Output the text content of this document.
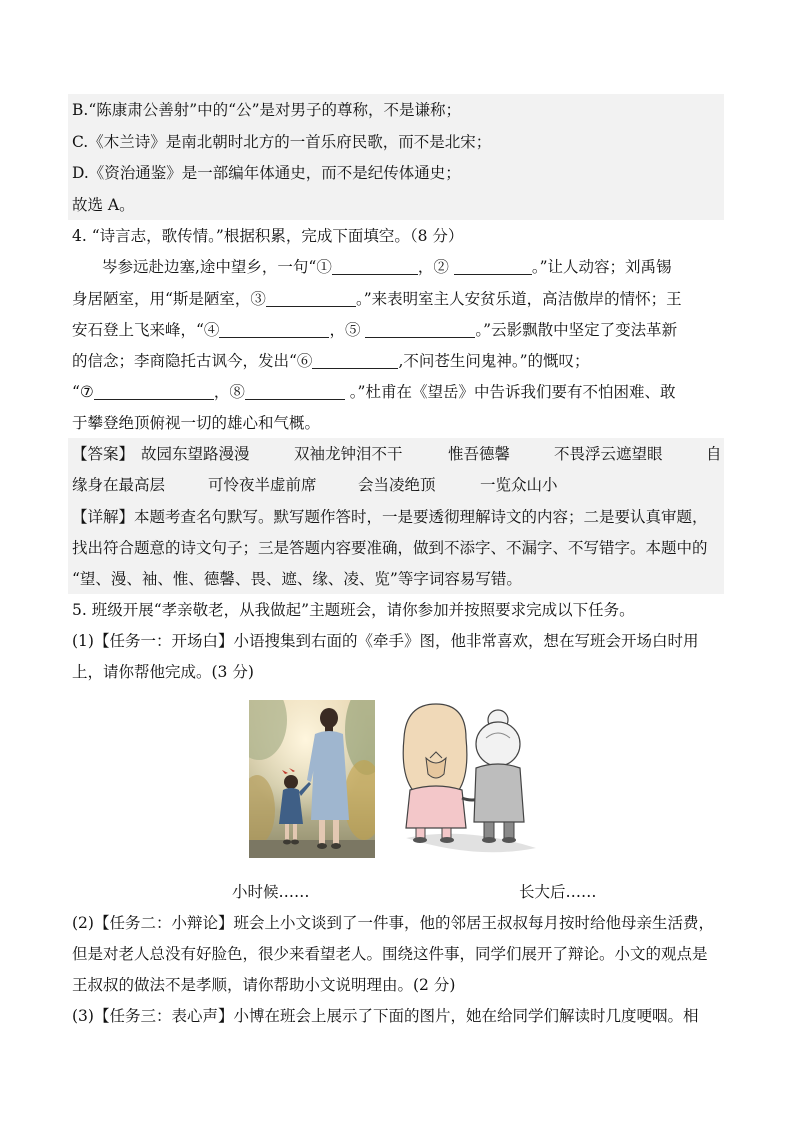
B.“陈康肃公善射”中的“公”是对男子的尊称，不是谦称；
C.《木兰诗》是南北朝时北方的一首乐府民歌，而不是北宋；
D.《资治通鉴》是一部编年体通史，而不是纪传体通史；
故选 A。
4. “诗言志，歌传情。”根据积累，完成下面填空。（8 分）
岑参远赴边塞,途中望乡，一句“①	，②	。”让人动容；刘禹锡
身居陋室，用“斯是陋室，③	。”来表明室主人安贫乐道，高洁傲岸的情怀；王
安石登上飞来峰，“④	，⑤	。”云影飘散中坚定了变法革新
的信念；李商隐托古讽今，发出“⑥	,不问苍生问鬼神。”的慨叹；
“⑦	，⑧	。”杜甫在《望岳》中告诉我们要有不怕困难、敢
于攀登绝顶俯视一切的雄心和气概。
【答案】 故园东望路漫漫	双袖龙钟泪不干	惟吾德馨	不畏浮云遮望眼	自
缘身在最高层	可怜夜半虚前席	会当凌绝顶	一览众山小
【详解】本题考查名句默写。默写题作答时，一是要透彻理解诗文的内容；二是要认真审题，
找出符合题意的诗文句子；三是答题内容要准确，做到不添字、不漏字、不写错字。本题中的
“望、漫、袖、惟、德馨、畏、遮、缘、凌、览”等字词容易写错。
5. 班级开展“孝亲敬老，从我做起”主题班会，请你参加并按照要求完成以下任务。
(1)【任务一：开场白】小语搜集到右面的《牵手》图，他非常喜欢，想在写班会开场白时用
上，请你帮他完成。(3 分)
小时候……	长大后……
(2)【任务二：小辩论】班会上小文谈到了一件事，他的邻居王叔叔每月按时给他母亲生活费，
但是对老人总没有好脸色，很少来看望老人。围绕这件事，同学们展开了辩论。小文的观点是
王叔叔的做法不是孝顺，请你帮助小文说明理由。(2 分)
(3)【任务三：表心声】小博在班会上展示了下面的图片，她在给同学们解读时几度哽咽。相
